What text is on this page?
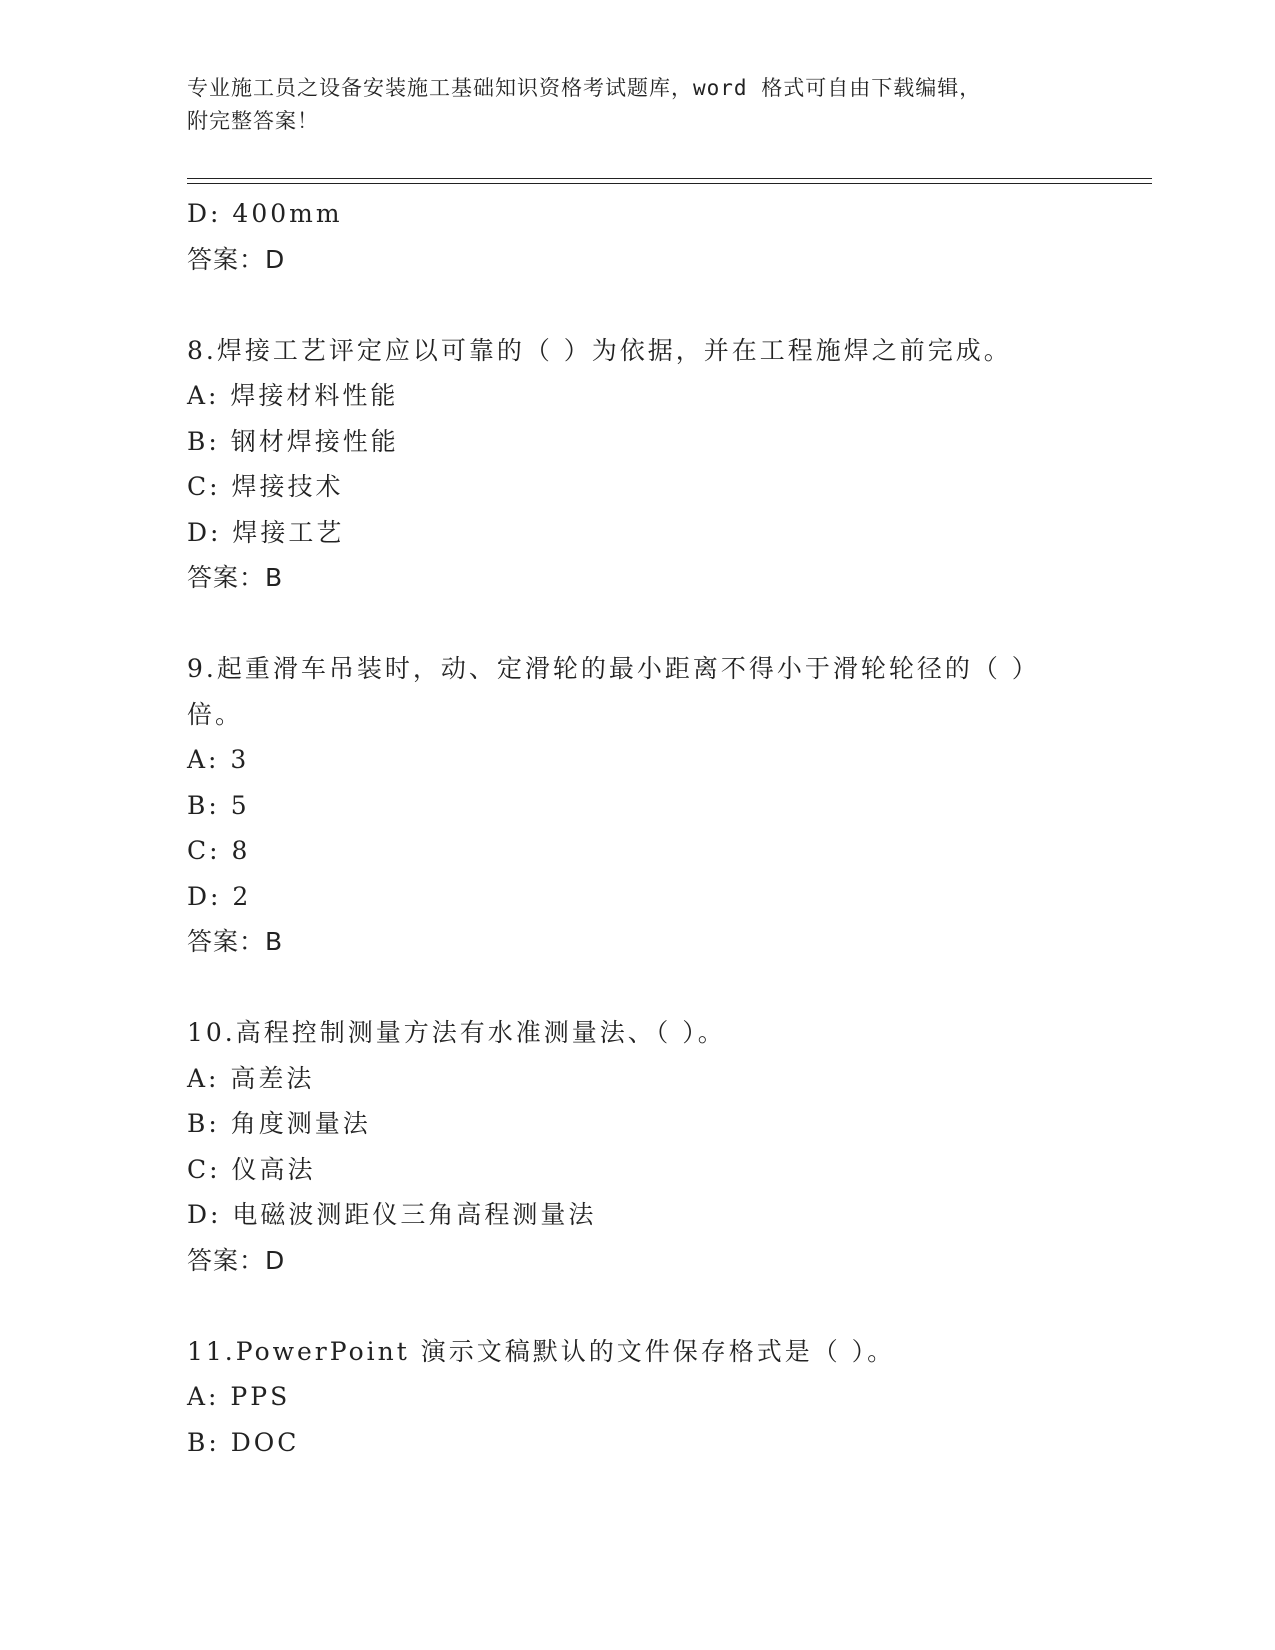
专业施工员之设备安装施工基础知识资格考试题库，word 格式可自由下载编辑，
附完整答案！
D: 400mm
答案：D
8.焊接工艺评定应以可靠的（ ）为依据，并在工程施焊之前完成。
A: 焊接材料性能
B: 钢材焊接性能
C: 焊接技术
D: 焊接工艺
答案：B
9.起重滑车吊装时，动、定滑轮的最小距离不得小于滑轮轮径的（ ）
倍。
A: 3
B: 5
C: 8
D: 2
答案：B
10.高程控制测量方法有水准测量法、（ ）。
A: 高差法
B: 角度测量法
C: 仪高法
D: 电磁波测距仪三角高程测量法
答案：D
11.PowerPoint 演示文稿默认的文件保存格式是（ ）。
A: PPS
B: DOC
